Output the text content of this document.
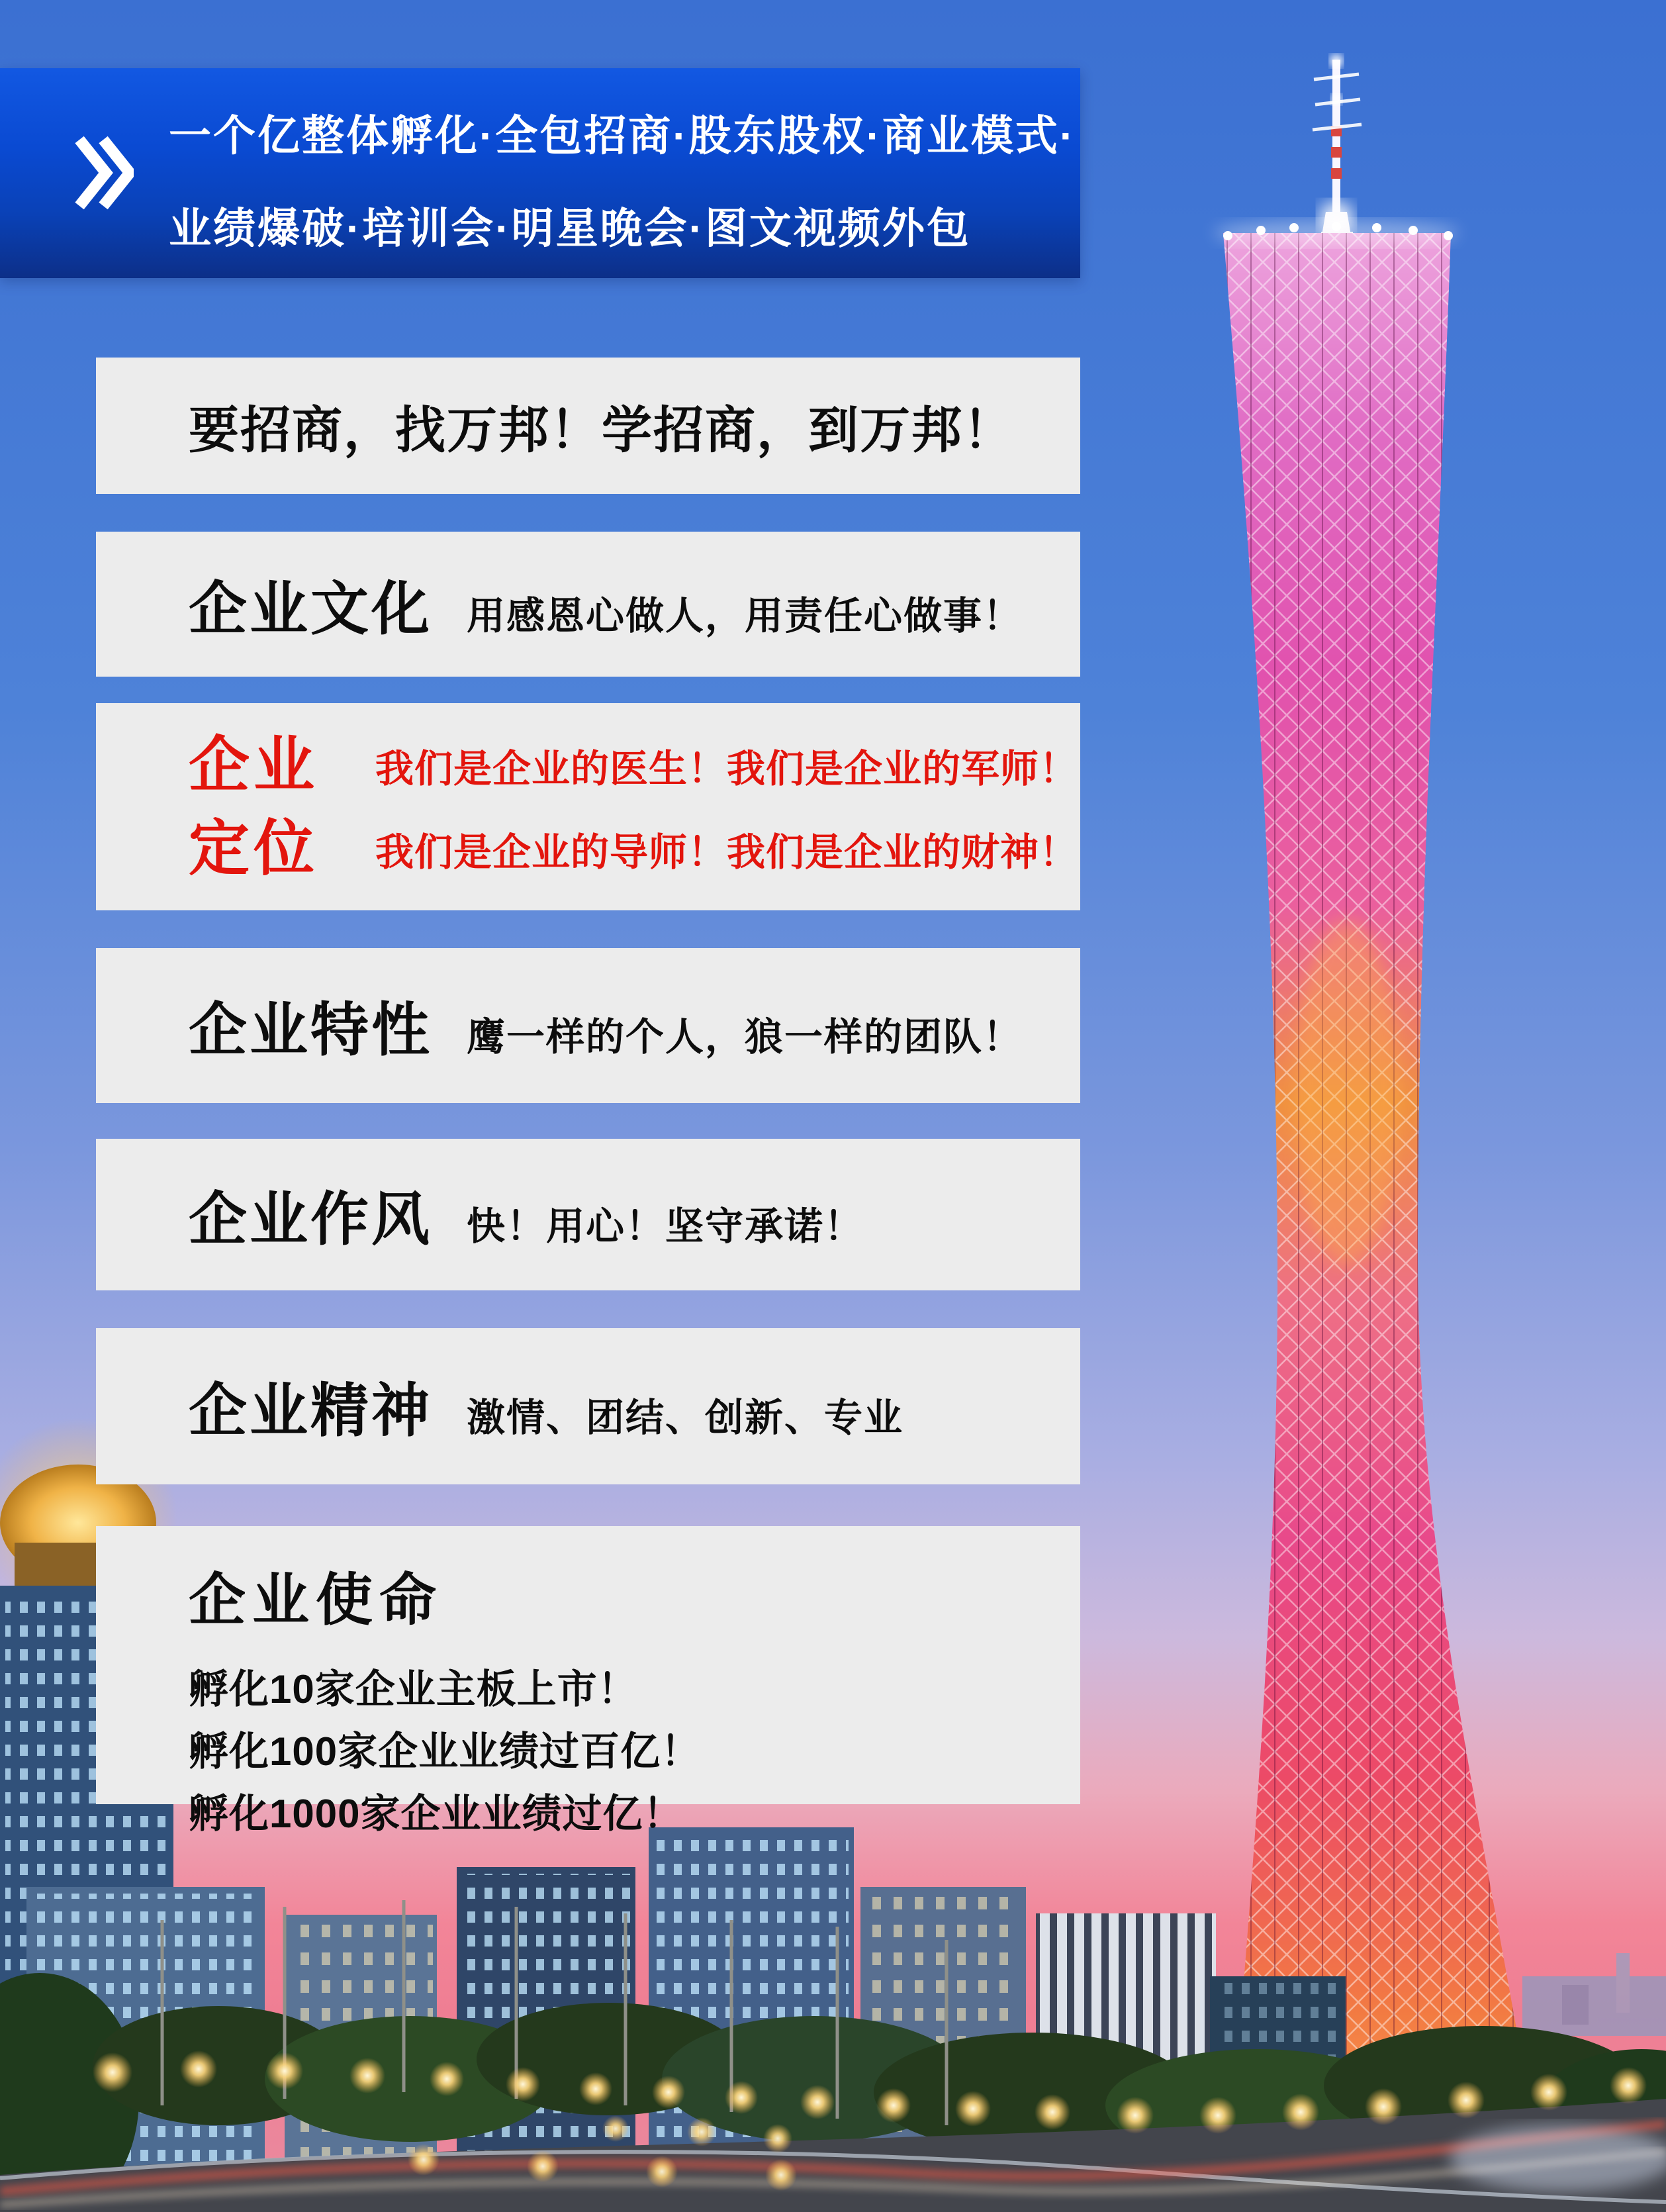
一个亿整体孵化·全包招商·股东股权·商业模式·
业绩爆破·培训会·明星晚会·图文视频外包
要招商，找万邦！学招商，到万邦！
企业文化 用感恩心做人，用责任心做事！
企业	我们是企业的医生！我们是企业的军师！
定位	我们是企业的导师！我们是企业的财神！
企业特性 鹰一样的个人，狼一样的团队！
企业作风 快！用心！坚守承诺！
企业精神 激情、团结、创新、专业
企业使命
孵化10家企业主板上市！
孵化100家企业业绩过百亿！
孵化1000家企业业绩过亿！
